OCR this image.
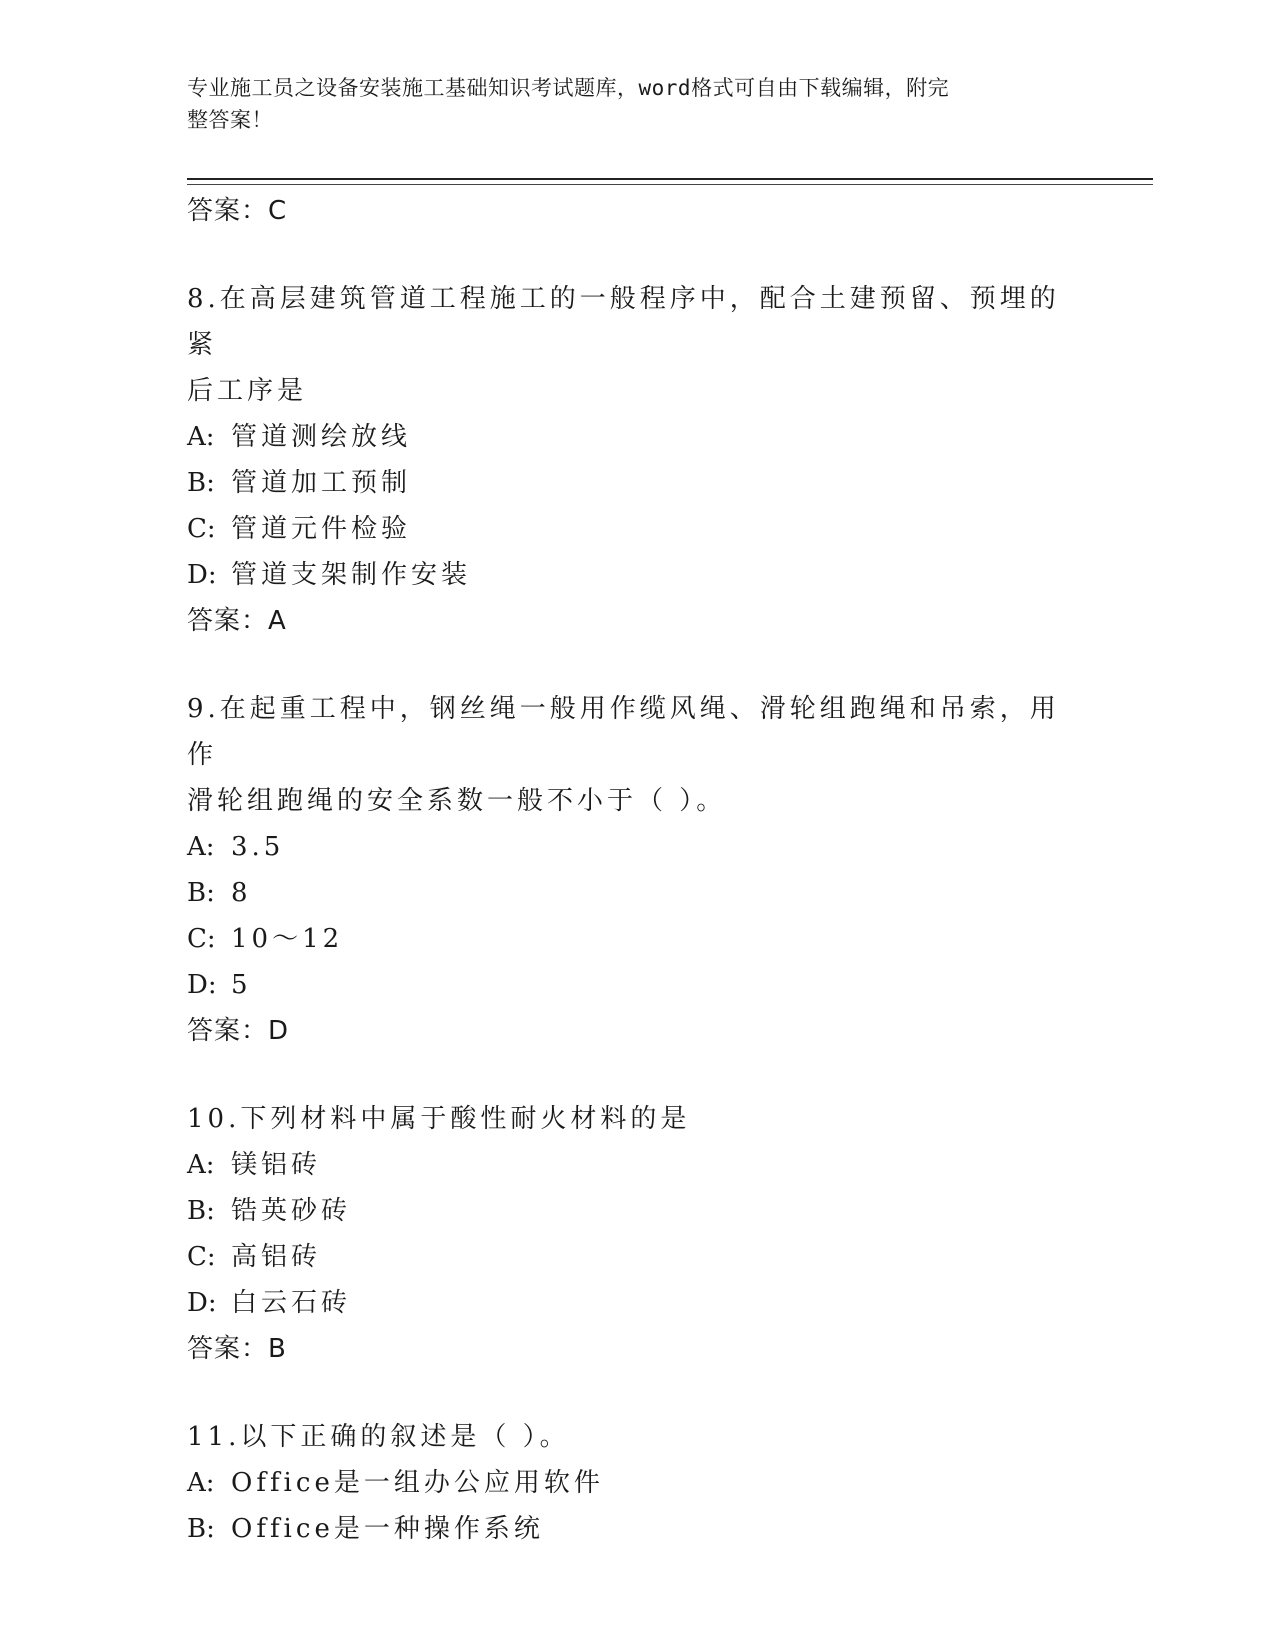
专业施工员之设备安装施工基础知识考试题库，word格式可自由下载编辑，附完
整答案！

答案：C

8.在高层建筑管道工程施工的一般程序中，配合土建预留、预埋的紧

后工序是

A: 管道测绘放线

B: 管道加工预制

C: 管道元件检验

D: 管道支架制作安装

答案：A

9.在起重工程中，钢丝绳一般用作缆风绳、滑轮组跑绳和吊索，用作

滑轮组跑绳的安全系数一般不小于（ ）。

A: 3.5

B: 8

C: 10～12

D: 5

答案：D

10.下列材料中属于酸性耐火材料的是

A: 镁铝砖

B: 锆英砂砖

C: 高铝砖

D: 白云石砖

答案：B

11.以下正确的叙述是（ ）。

A: Office是一组办公应用软件

B: Office是一种操作系统
